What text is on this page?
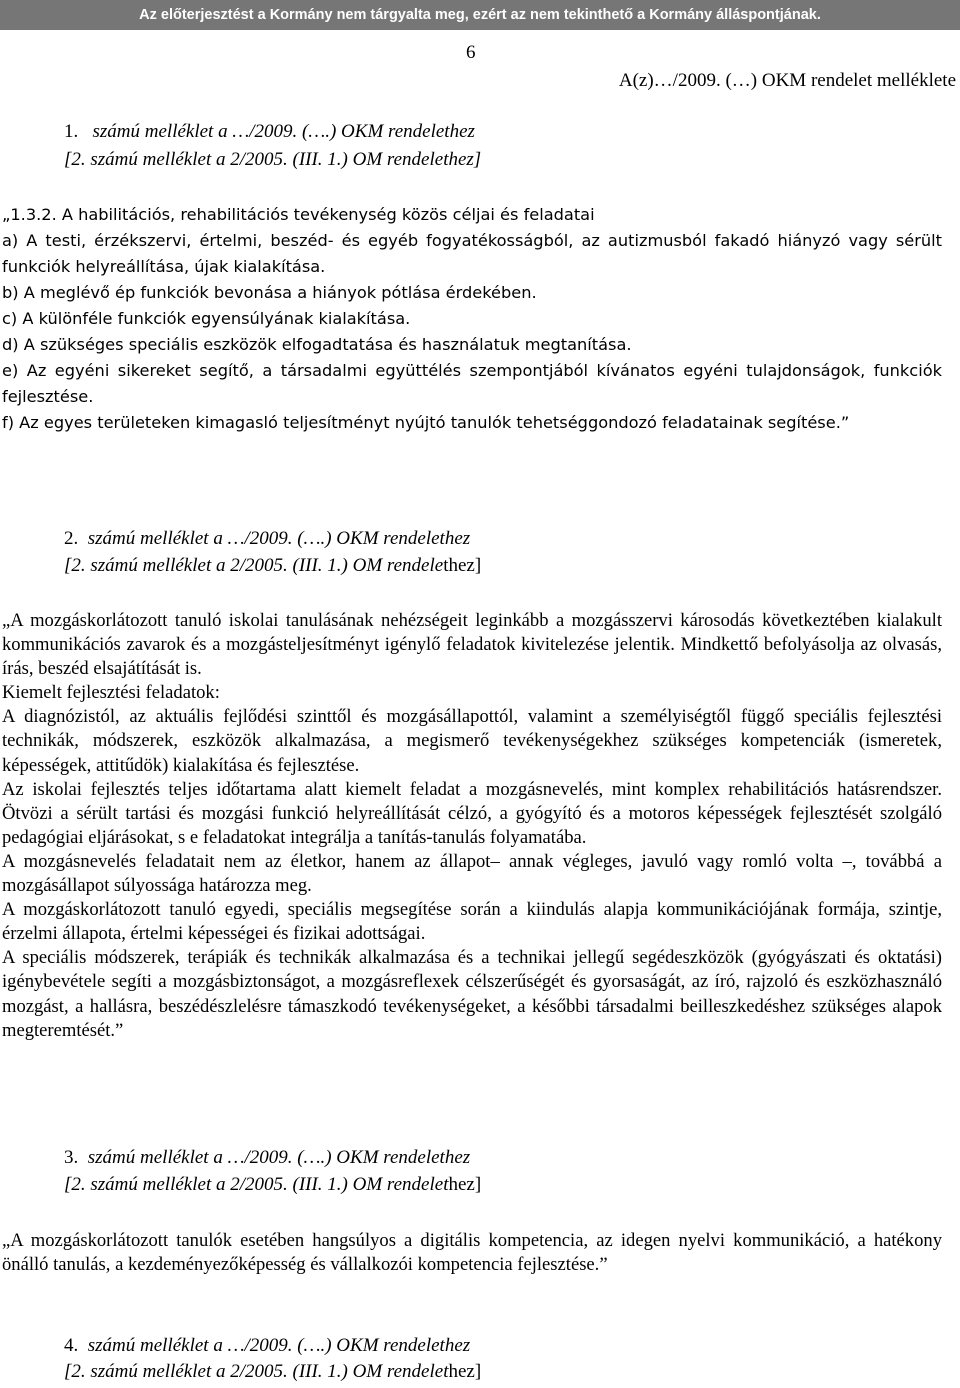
Az előterjesztést a Kormány nem tárgyalta meg, ezért az nem tekinthető a Kormány álláspontjának.
6
A(z)…/2009. (…) OKM rendelet melléklete
1. számú melléklet a …/2009. (….) OKM rendelethez
[2. számú melléklet a 2/2005. (III. 1.) OM rendelethez]

„1.3.2. A habilitációs, rehabilitációs tevékenység közös céljai és feladatai

a) A testi, érzékszervi, értelmi, beszéd- és egyéb fogyatékosságból, az autizmusból fakadó hiányzó vagy sérült funkciók helyreállítása, újak kialakítása.

b) A meglévő ép funkciók bevonása a hiányok pótlása érdekében.

c) A különféle funkciók egyensúlyának kialakítása.

d) A szükséges speciális eszközök elfogadtatása és használatuk megtanítása.

e) Az egyéni sikereket segítő, a társadalmi együttélés szempontjából kívánatos egyéni tulajdonságok, funkciók fejlesztése.

f) Az egyes területeken kimagasló teljesítményt nyújtó tanulók tehetséggondozó feladatainak segítése.”

2. számú melléklet a …/2009. (….) OKM rendelethez
[2. számú melléklet a 2/2005. (III. 1.) OM rendelethez]

„A mozgáskorlátozott tanuló iskolai tanulásának nehézségeit leginkább a mozgásszervi károsodás következtében kialakult kommunikációs zavarok és a mozgásteljesítményt igénylő feladatok kivitelezése jelentik. Mindkettő befolyásolja az olvasás, írás, beszéd elsajátítását is.

Kiemelt fejlesztési feladatok:

A diagnózistól, az aktuális fejlődési szinttől és mozgásállapottól, valamint a személyiségtől függő speciális fejlesztési technikák, módszerek, eszközök alkalmazása, a megismerő tevékenységekhez szükséges kompetenciák (ismeretek, képességek, attitűdök) kialakítása és fejlesztése.

Az iskolai fejlesztés teljes időtartama alatt kiemelt feladat a mozgásnevelés, mint komplex rehabilitációs hatásrendszer. Ötvözi a sérült tartási és mozgási funkció helyreállítását célzó, a gyógyító és a motoros képességek fejlesztését szolgáló pedagógiai eljárásokat, s e feladatokat integrálja a tanítás-tanulás folyamatába.

A mozgásnevelés feladatait nem az életkor, hanem az állapot– annak végleges, javuló vagy romló volta –, továbbá a mozgásállapot súlyossága határozza meg.

A mozgáskorlátozott tanuló egyedi, speciális megsegítése során a kiindulás alapja kommunikációjának formája, szintje, érzelmi állapota, értelmi képességei és fizikai adottságai.

A speciális módszerek, terápiák és technikák alkalmazása és a technikai jellegű segédeszközök (gyógyászati és oktatási) igénybevétele segíti a mozgásbiztonságot, a mozgásreflexek célszerűségét és gyorsaságát, az író, rajzoló és eszközhasználó mozgást, a hallásra, beszédészlelésre támaszkodó tevékenységeket, a későbbi társadalmi beilleszkedéshez szükséges alapok megteremtését.”

3. számú melléklet a …/2009. (….) OKM rendelethez
[2. számú melléklet a 2/2005. (III. 1.) OM rendelethez]

„A mozgáskorlátozott tanulók esetében hangsúlyos a digitális kompetencia, az idegen nyelvi kommunikáció, a hatékony önálló tanulás, a kezdeményezőképesség és vállalkozói kompetencia fejlesztése.”

4. számú melléklet a …/2009. (….) OKM rendelethez
[2. számú melléklet a 2/2005. (III. 1.) OM rendelethez]
